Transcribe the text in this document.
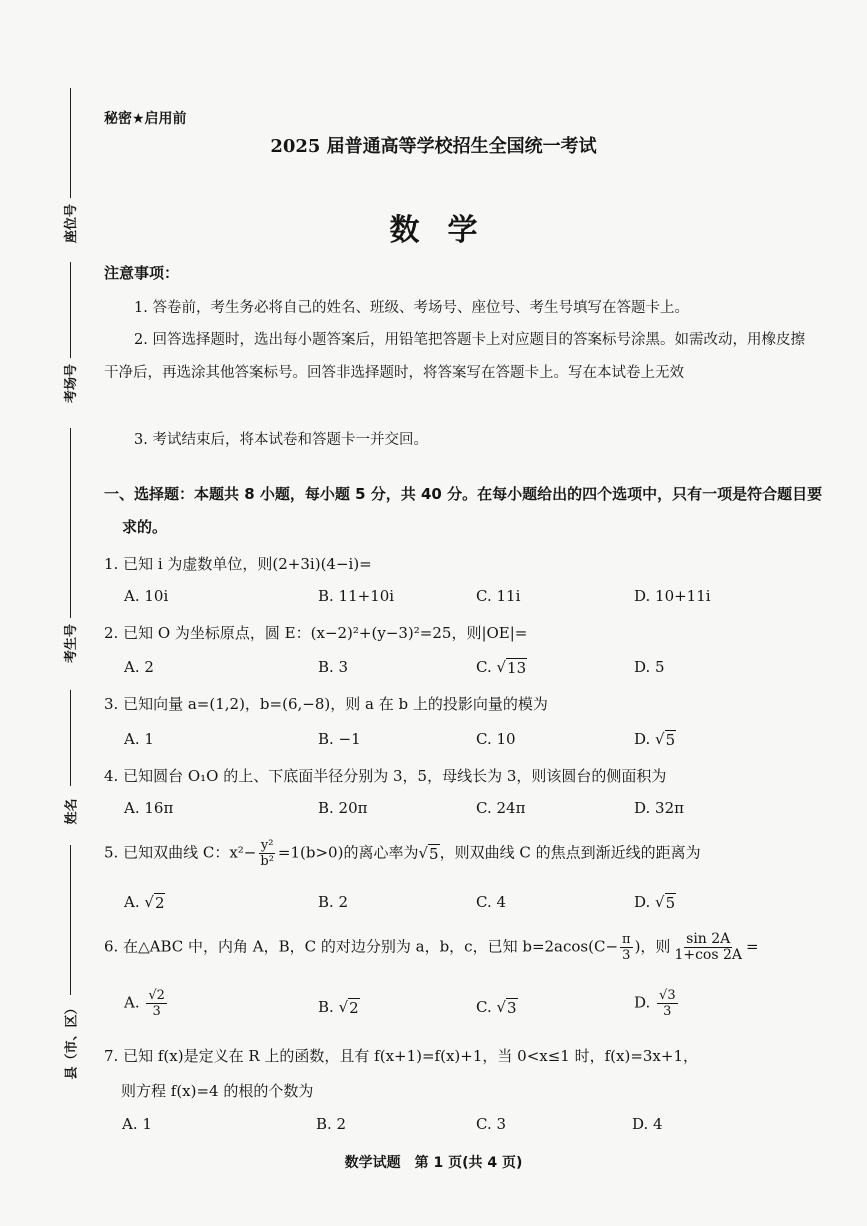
座位号
考场号
考生号
姓名
县（市、区）
秘密★启用前
2025 届普通高等学校招生全国统一考试
数学
注意事项：
1. 答卷前，考生务必将自己的姓名、班级、考场号、座位号、考生号填写在答题卡上。
2. 回答选择题时，选出每小题答案后，用铅笔把答题卡上对应题目的答案标号涂黑。如需改动，用橡皮擦干净后，再选涂其他答案标号。回答非选择题时，将答案写在答题卡上。写在本试卷上无效
3. 考试结束后，将本试卷和答题卡一并交回。
一、选择题：本题共 8 小题，每小题 5 分，共 40 分。在每小题给出的四个选项中，只有一项是符合题目要求的。
1. 已知 i 为虚数单位，则(2+3i)(4−i)=
A. 10i	B. 11+10i	C. 11i	D. 10+11i
2. 已知 O 为坐标原点，圆 E：(x−2)²+(y−3)²=25，则|OE|=
A. 2	B. 3	C. √ 13	D. 5
3. 已知向量 a=(1,2)，b=(6,−8)，则 a 在 b 上的投影向量的模为
A. 1	B. −1	C. 10	D. √ 5
4. 已知圆台 O₁O 的上、下底面半径分别为 3，5，母线长为 3，则该圆台的侧面积为
A. 16π	B. 20π	C. 24π	D. 32π
5. 已知双曲线 C：$x^2- \frac{\text{y²}}{\text{b²}} =1(b>0)$的离心率为√ 5 ，则双曲线 C 的焦点到渐近线的距离为
A. √ 2	B. 2	C. 4	D. √ 5
6. 在△ABC 中，内角 A，B，C 的对边分别为 a，b，c，已知 $b=2acos(C- \frac{\pi}{3}$ )，则 $\frac{\sin 2A}{1+\cos 2A}$ =
A. $\frac{√2}{3}$	B. √ 2	C. √ 3	D. $\frac{√3}{3}$
7. 已知 f(x)是定义在 R 上的函数，且有 f(x+1)=f(x)+1，当 0<x≤1 时，f(x)=3x+1，
则方程 f(x)=4 的根的个数为
A. 1	B. 2	C. 3	D. 4
数学试题　第 1 页(共 4 页)
